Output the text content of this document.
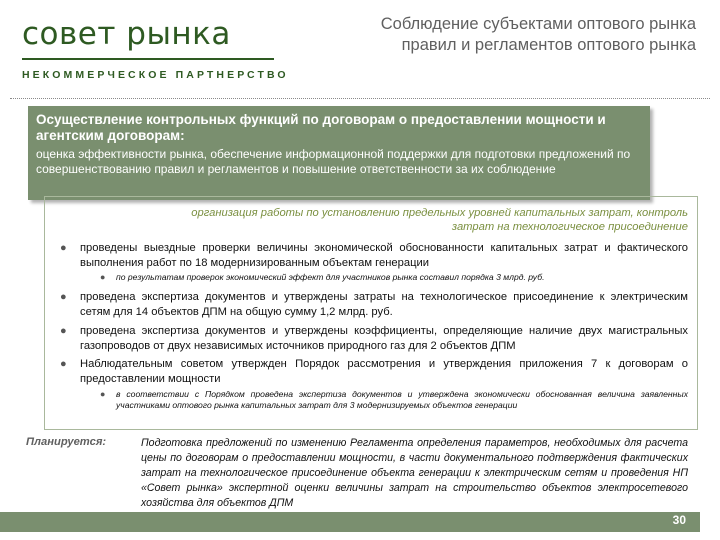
совет рынка
НЕКОММЕРЧЕСКОЕ ПАРТНЕРСТВО
Соблюдение субъектами оптового рынка правил и регламентов оптового рынка
Осуществление контрольных функций по договорам о предоставлении мощности и агентским договорам:
оценка эффективности рынка, обеспечение информационной поддержки для подготовки предложений по совершенствованию правил и регламентов и повышение ответственности за их соблюдение
организация работы по установлению предельных уровней капитальных затрат, контроль затрат на технологическое присоединение
●	проведены выездные проверки величины экономической обоснованности капитальных затрат и фактического выполнения работ по 18 модернизированным объектам генерации
●	по результатам проверок экономический эффект для участников рынка составил порядка 3 млрд. руб.
●	проведена экспертиза документов и утверждены затраты на технологическое присоединение к электрическим сетям для 14 объектов ДПМ на общую сумму 1,2 млрд. руб.
●	проведена экспертиза документов и утверждены коэффициенты, определяющие наличие двух магистральных газопроводов от двух независимых источников природного газ для 2 объектов ДПМ
●	Наблюдательным советом утвержден Порядок рассмотрения и утверждения приложения 7 к договорам о предоставлении мощности
●	в соответствии с Порядком проведена экспертиза документов и утверждена экономически обоснованная величина заявленных участниками оптового рынка капитальных затрат для 3 модернизируемых объектов генерации
Планируется:	Подготовка предложений по изменению Регламента определения параметров, необходимых для расчета цены по договорам о предоставлении мощности, в части документального подтверждения фактических затрат на технологическое присоединение объекта генерации к электрическим сетям и проведения НП «Совет рынка» экспертной оценки величины затрат на строительство объектов электросетевого хозяйства для объектов ДПМ
30
